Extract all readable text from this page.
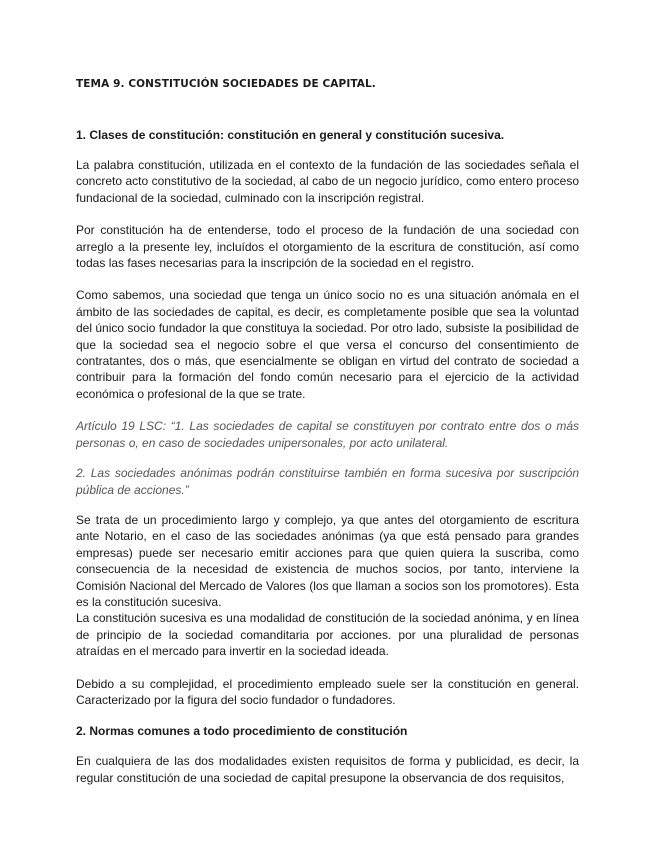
TEMA 9. CONSTITUCIÓN SOCIEDADES DE CAPITAL.
1. Clases de constitución: constitución en general y constitución sucesiva.

La palabra constitución, utilizada en el contexto de la fundación de las sociedades señala el concreto acto constitutivo de la sociedad, al cabo de un negocio jurídico, como entero proceso fundacional de la sociedad, culminado con la inscripción registral.

Por constitución ha de entenderse, todo el proceso de la fundación de una sociedad con arreglo a la presente ley, incluídos el otorgamiento de la escritura de constitución, así como todas las fases necesarias para la inscripción de la sociedad en el registro.

Como sabemos, una sociedad que tenga un único socio no es una situación anómala en el ámbito de las sociedades de capital, es decir, es completamente posible que sea la voluntad del único socio fundador la que constituya la sociedad. Por otro lado, subsiste la posibilidad de que la sociedad sea el negocio sobre el que versa el concurso del consentimiento de contratantes, dos o más, que esencialmente se obligan en virtud del contrato de sociedad a contribuir para la formación del fondo común necesario para el ejercicio de la actividad económica o profesional de la que se trate.

Artículo 19 LSC: “1. Las sociedades de capital se constituyen por contrato entre dos o más personas o, en caso de sociedades unipersonales, por acto unilateral.

2. Las sociedades anónimas podrán constituirse también en forma sucesiva por suscripción pública de acciones.”

Se trata de un procedimiento largo y complejo, ya que antes del otorgamiento de escritura ante Notario, en el caso de las sociedades anónimas (ya que está pensado para grandes empresas) puede ser necesario emitir acciones para que quien quiera la suscriba, como consecuencia de la necesidad de existencia de muchos socios, por tanto, interviene la Comisión Nacional del Mercado de Valores (los que llaman a socios son los promotores). Esta es la constitución sucesiva.

La constitución sucesiva es una modalidad de constitución de la sociedad anónima, y en línea de principio de la sociedad comanditaria por acciones. por una pluralidad de personas atraídas en el mercado para invertir en la sociedad ideada.

Debido a su complejidad, el procedimiento empleado suele ser la constitución en general. Caracterizado por la figura del socio fundador o fundadores.

2. Normas comunes a todo procedimiento de constitución

En cualquiera de las dos modalidades existen requisitos de forma y publicidad, es decir, la regular constitución de una sociedad de capital presupone la observancia de dos requisitos,
